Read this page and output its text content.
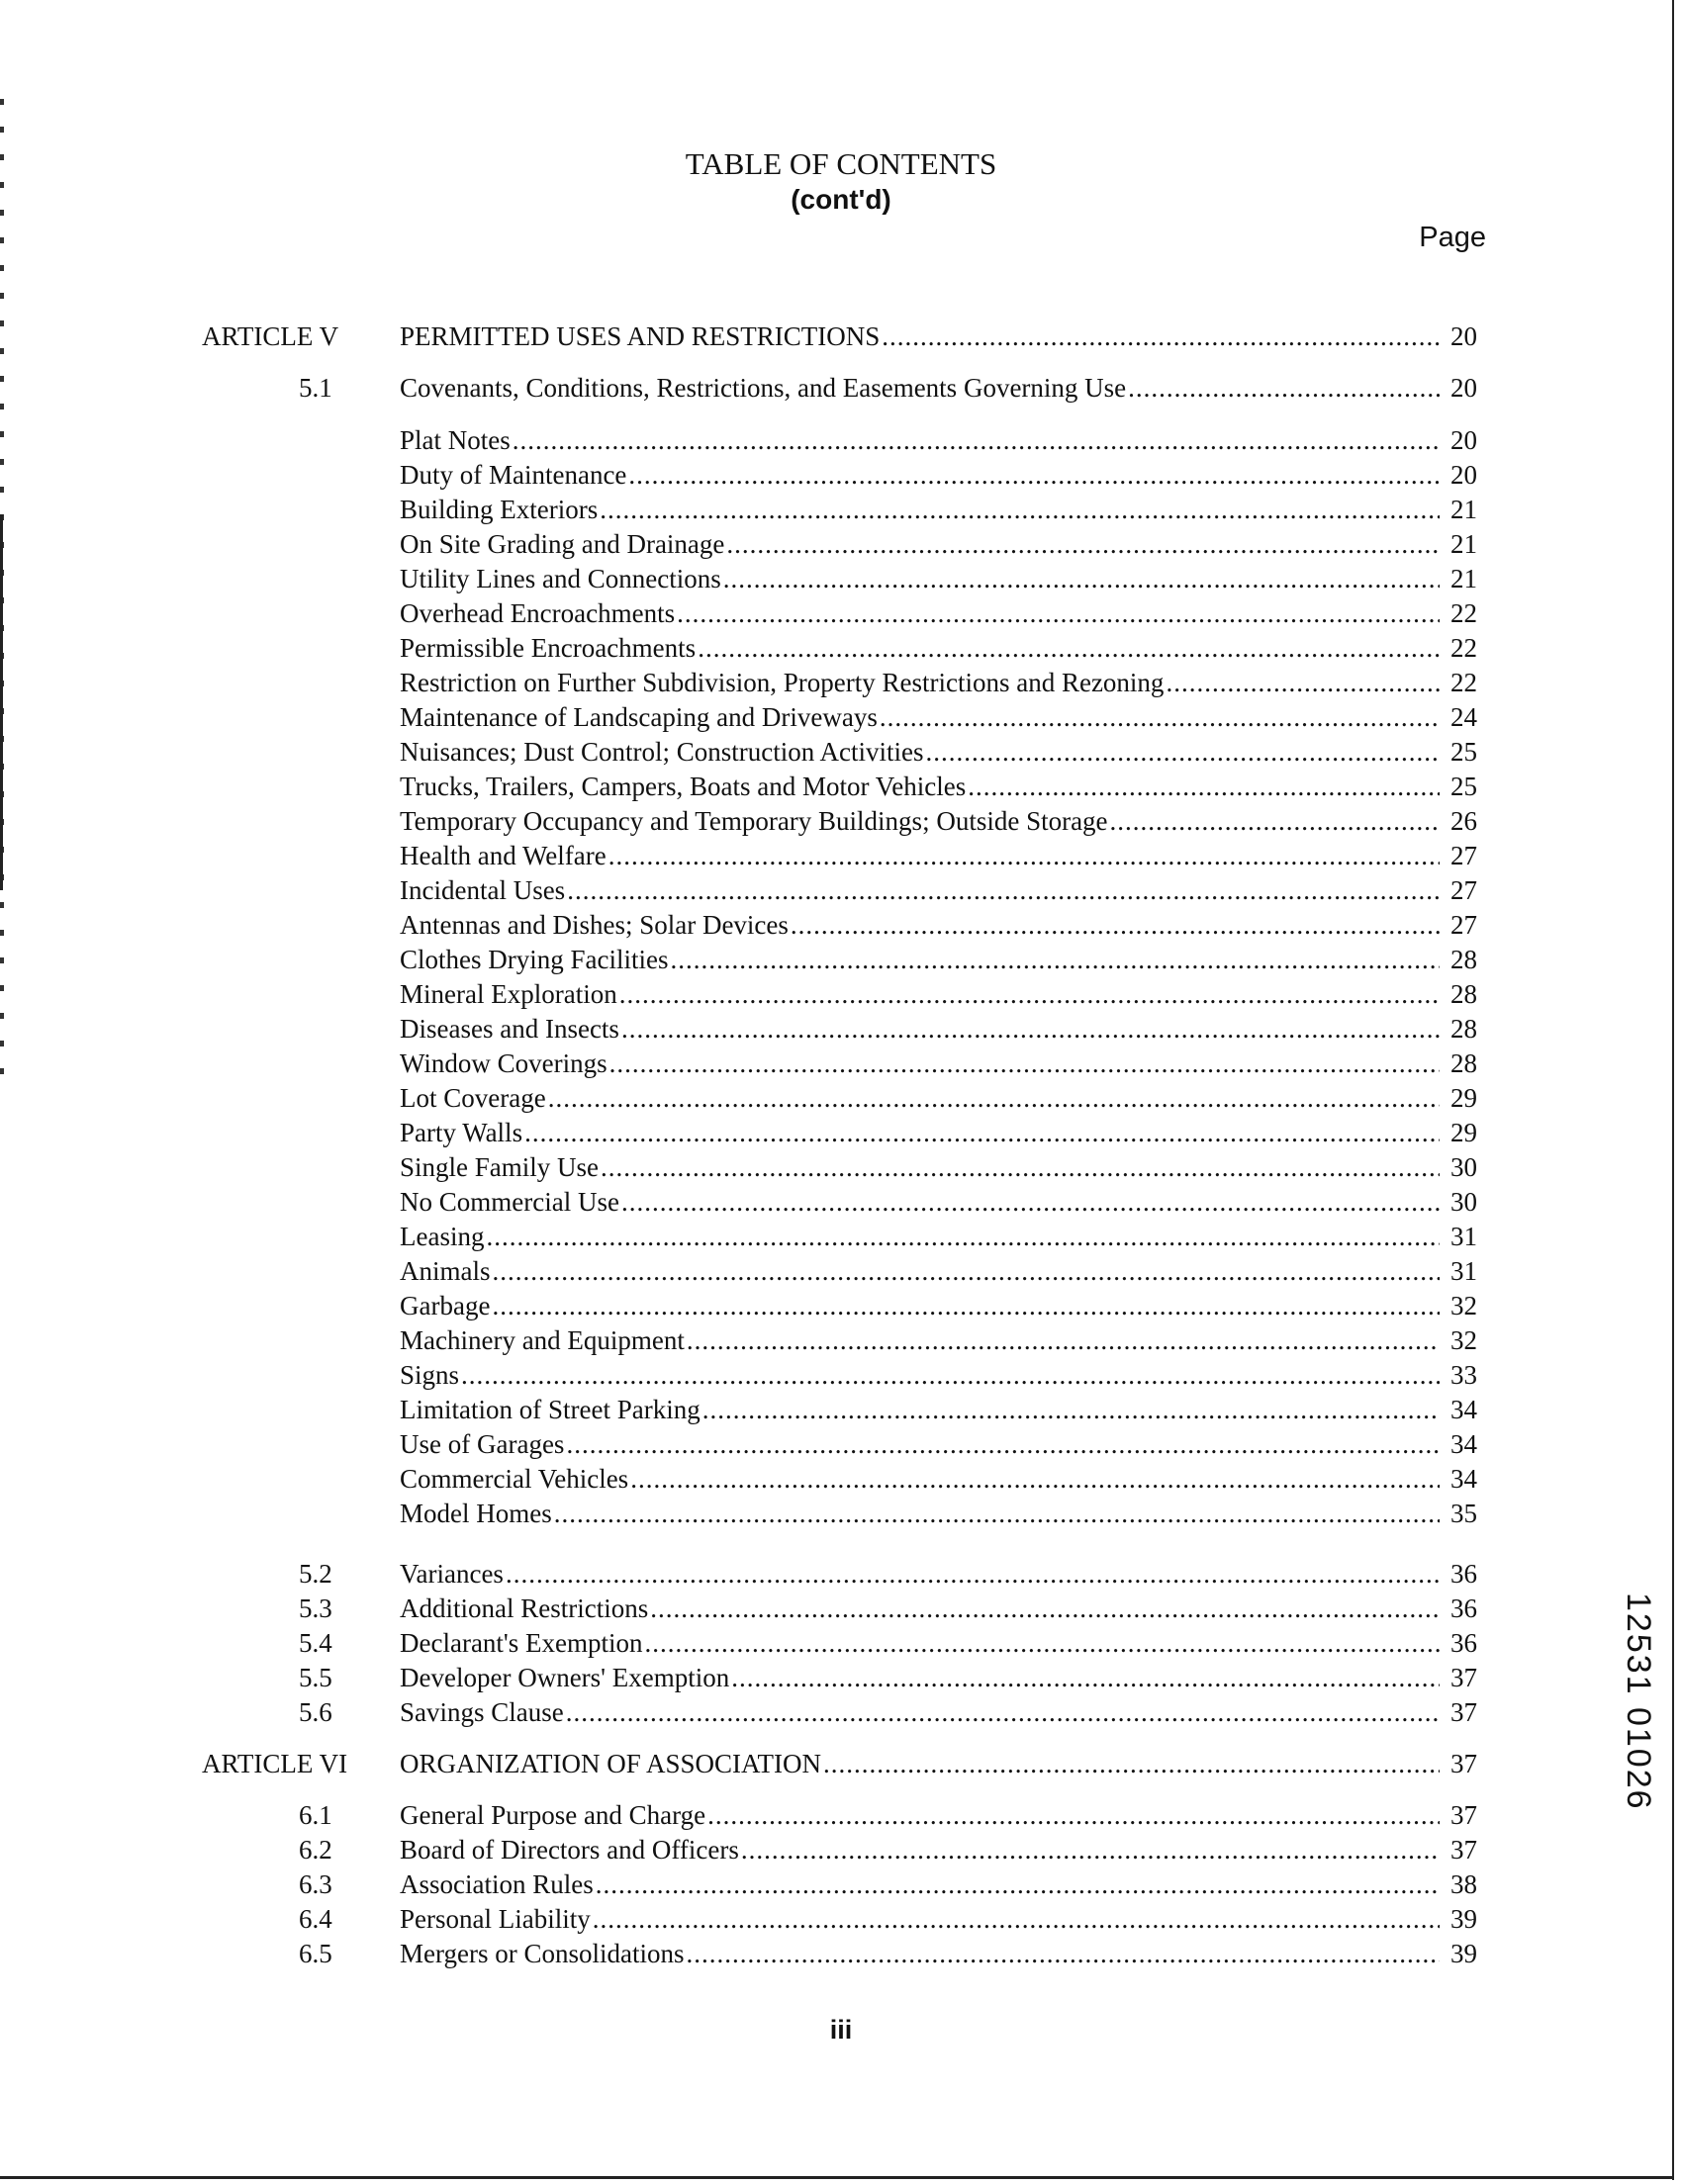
TABLE OF CONTENTS
(cont'd)
Page
ARTICLE V PERMITTED USES AND RESTRICTIONS .....	20
5.1	Covenants, Conditions, Restrictions, and Easements Governing Use .....	20
Plat Notes .....	20
Duty of Maintenance .....	20
Building Exteriors .....	21
On Site Grading and Drainage .....	21
Utility Lines and Connections .....	21
Overhead Encroachments .....	22
Permissible Encroachments .....	22
Restriction on Further Subdivision, Property Restrictions and Rezoning .....	22
Maintenance of Landscaping and Driveways .....	24
Nuisances; Dust Control; Construction Activities .....	25
Trucks, Trailers, Campers, Boats and Motor Vehicles .....	25
Temporary Occupancy and Temporary Buildings; Outside Storage .....	26
Health and Welfare .....	27
Incidental Uses .....	27
Antennas and Dishes; Solar Devices .....	27
Clothes Drying Facilities .....	28
Mineral Exploration .....	28
Diseases and Insects .....	28
Window Coverings .....	28
Lot Coverage .....	29
Party Walls .....	29
Single Family Use .....	30
No Commercial Use .....	30
Leasing .....	31
Animals .....	31
Garbage .....	32
Machinery and Equipment .....	32
Signs .....	33
Limitation of Street Parking .....	34
Use of Garages .....	34
Commercial Vehicles .....	34
Model Homes .....	35
5.2	Variances .....	36
5.3	Additional Restrictions .....	36
5.4	Declarant's Exemption .....	36
5.5	Developer Owners' Exemption .....	37
5.6	Savings Clause .....	37
ARTICLE VI ORGANIZATION OF ASSOCIATION .....	37
6.1	General Purpose and Charge .....	37
6.2	Board of Directors and Officers .....	37
6.3	Association Rules .....	38
6.4	Personal Liability .....	39
6.5	Mergers or Consolidations .....	39
iii
12531 01026
